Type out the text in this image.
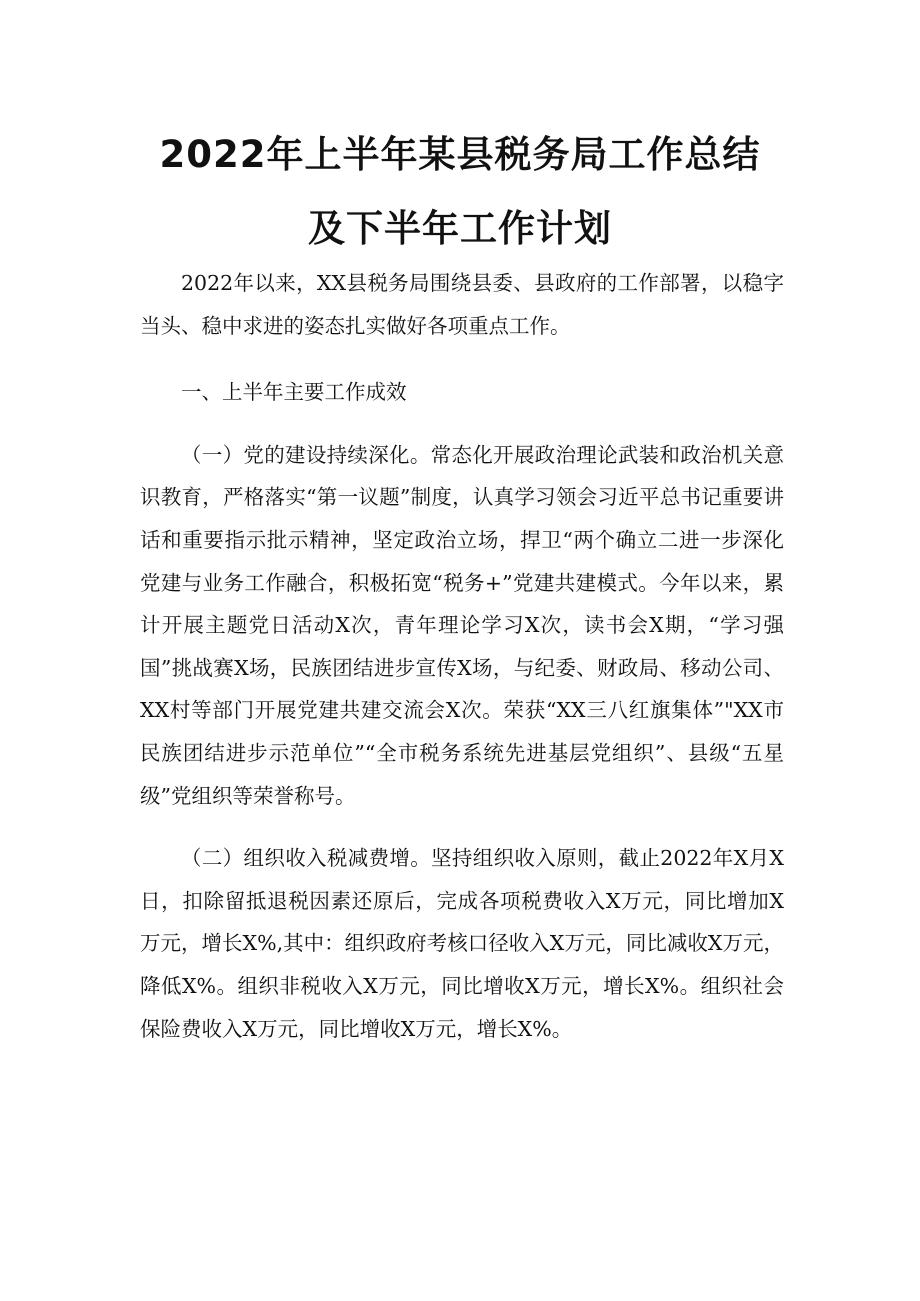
2022年上半年某县税务局工作总结
及下半年工作计划

2022年以来，XX县税务局围绕县委、县政府的工作部署，以稳字当头、稳中求进的姿态扎实做好各项重点工作。

一、上半年主要工作成效

（一）党的建设持续深化。常态化开展政治理论武装和政治机关意识教育，严格落实“第一议题”制度，认真学习领会习近平总书记重要讲话和重要指示批示精神，坚定政治立场，捍卫“两个确立二进一步深化党建与业务工作融合，积极拓宽“税务+”党建共建模式。今年以来，累计开展主题党日活动X次，青年理论学习X次，读书会X期，“学习强国”挑战赛X场，民族团结进步宣传X场，与纪委、财政局、移动公司、XX村等部门开展党建共建交流会X次。荣获“XX三八红旗集体”"XX市民族团结进步示范单位”“全市税务系统先进基层党组织”、县级“五星级”党组织等荣誉称号。

（二）组织收入税减费增。坚持组织收入原则，截止2022年X月X日，扣除留抵退税因素还原后，完成各项税费收入X万元，同比增加X万元，增长X%,其中：组织政府考核口径收入X万元，同比减收X万元，降低X%。组织非税收入X万元，同比增收X万元，增长X%。组织社会保险费收入X万元，同比增收X万元，增长X%。
